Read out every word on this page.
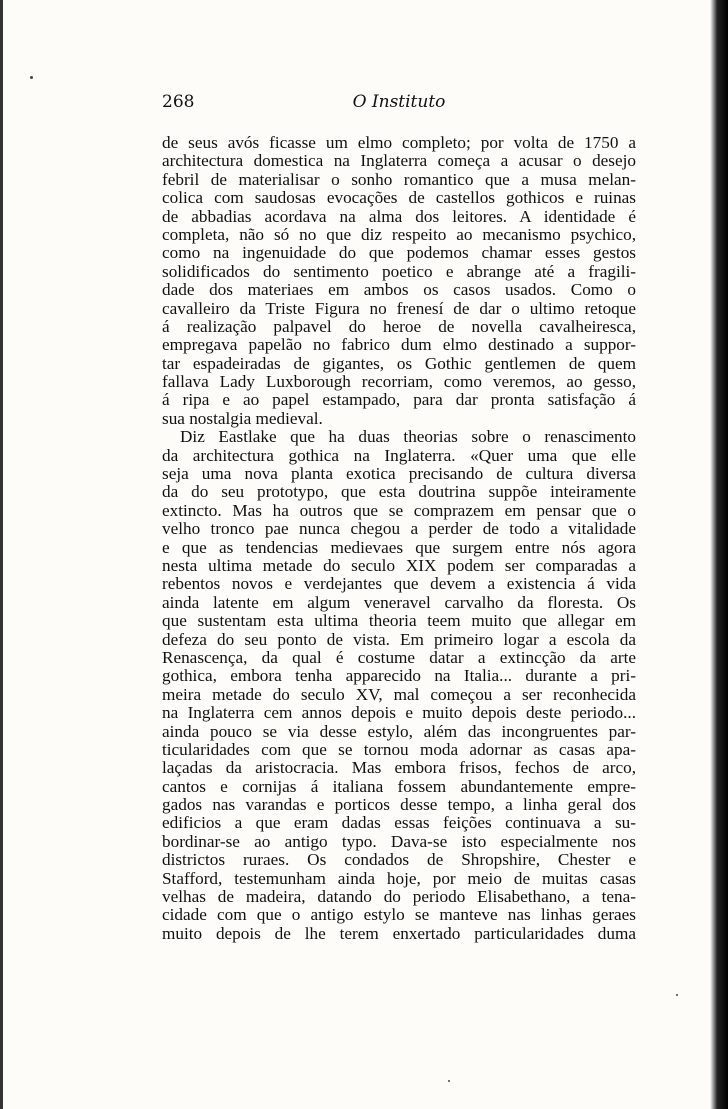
268	O Instituto
de seus avós ficasse um elmo completo; por volta de 1750 a
architectura domestica na Inglaterra começa a acusar o desejo
febril de materialisar o sonho romantico que a musa melan-
colica com saudosas evocações de castellos gothicos e ruinas
de abbadias acordava na alma dos leitores. A identidade é
completa, não só no que diz respeito ao mecanismo psychico,
como na ingenuidade do que podemos chamar esses gestos
solidificados do sentimento poetico e abrange até a fragili-
dade dos materiaes em ambos os casos usados. Como o
cavalleiro da Triste Figura no frenesí de dar o ultimo retoque
á realização palpavel do heroe de novella cavalheiresca,
empregava papelão no fabrico dum elmo destinado a suppor-
tar espadeiradas de gigantes, os Gothic gentlemen de quem
fallava Lady Luxborough recorriam, como veremos, ao gesso,
á ripa e ao papel estampado, para dar pronta satisfação á
sua nostalgia medieval.
Diz Eastlake que ha duas theorias sobre o renascimento
da architectura gothica na Inglaterra. «Quer uma que elle
seja uma nova planta exotica precisando de cultura diversa
da do seu prototypo, que esta doutrina suppõe inteiramente
extincto. Mas ha outros que se comprazem em pensar que o
velho tronco pae nunca chegou a perder de todo a vitalidade
e que as tendencias medievaes que surgem entre nós agora
nesta ultima metade do seculo XIX podem ser comparadas a
rebentos novos e verdejantes que devem a existencia á vida
ainda latente em algum veneravel carvalho da floresta. Os
que sustentam esta ultima theoria teem muito que allegar em
defeza do seu ponto de vista. Em primeiro logar a escola da
Renascença, da qual é costume datar a extincção da arte
gothica, embora tenha apparecido na Italia... durante a pri-
meira metade do seculo XV, mal começou a ser reconhecida
na Inglaterra cem annos depois e muito depois deste periodo...
ainda pouco se via desse estylo, além das incongruentes par-
ticularidades com que se tornou moda adornar as casas apa-
laçadas da aristocracia. Mas embora frisos, fechos de arco,
cantos e cornijas á italiana fossem abundantemente empre-
gados nas varandas e porticos desse tempo, a linha geral dos
edificios a que eram dadas essas feições continuava a su-
bordinar-se ao antigo typo. Dava-se isto especialmente nos
districtos ruraes. Os condados de Shropshire, Chester e
Stafford, testemunham ainda hoje, por meio de muitas casas
velhas de madeira, datando do periodo Elisabethano, a tena-
cidade com que o antigo estylo se manteve nas linhas geraes
muito depois de lhe terem enxertado particularidades duma
